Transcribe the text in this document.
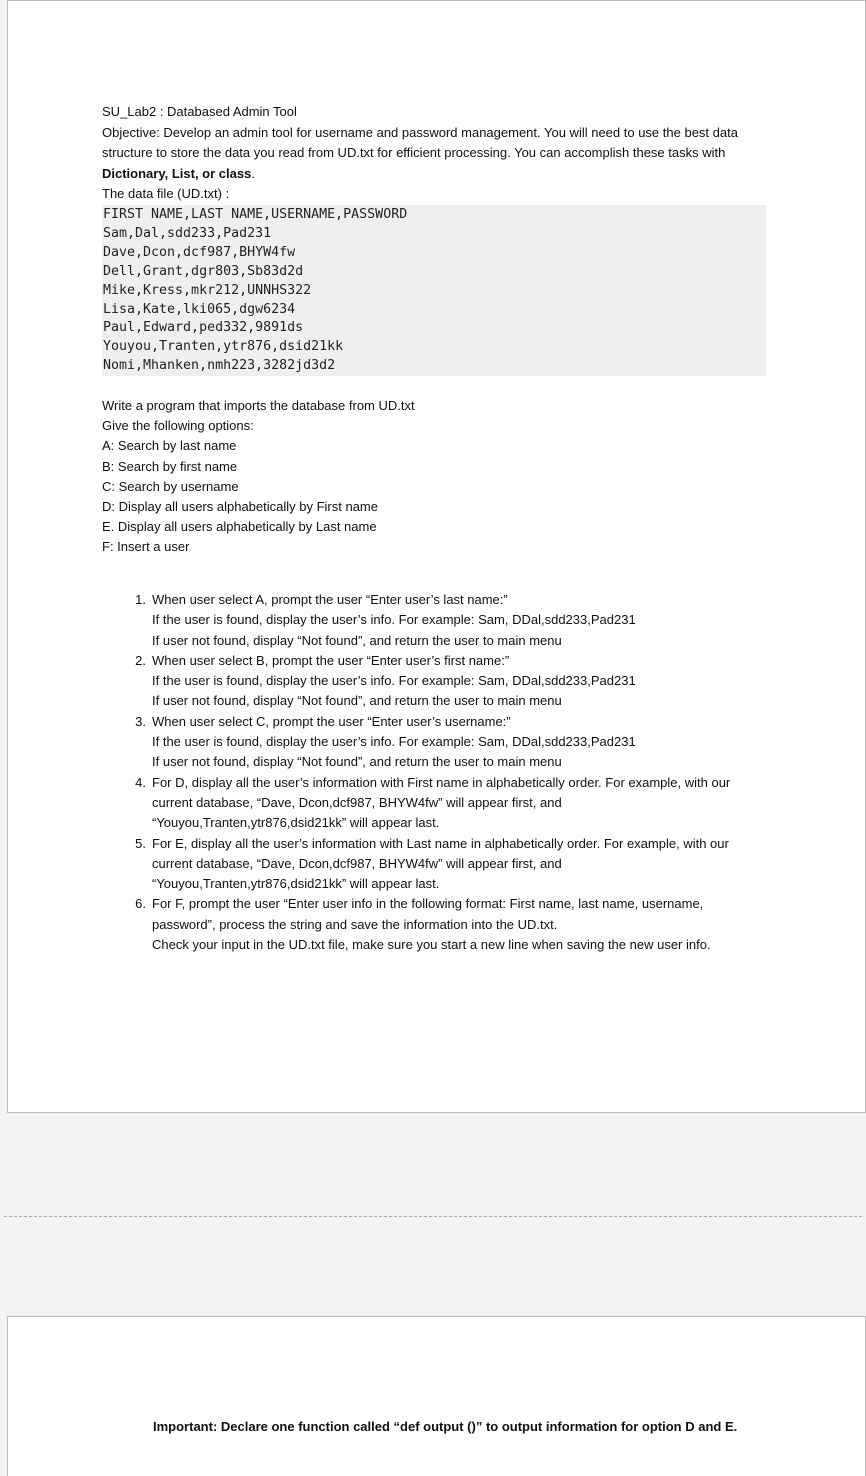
SU_Lab2 : Databased Admin Tool
Objective: Develop an admin tool for username and password management. You will need to use the best data structure to store the data you read from UD.txt for efficient processing. You can accomplish these tasks with Dictionary, List, or class.
The data file (UD.txt) :
FIRST NAME,LAST NAME,USERNAME,PASSWORD
Sam,Dal,sdd233,Pad231
Dave,Dcon,dcf987,BHYW4fw
Dell,Grant,dgr803,Sb83d2d
Mike,Kress,mkr212,UNNHS322
Lisa,Kate,lki065,dgw6234
Paul,Edward,ped332,9891ds
Youyou,Tranten,ytr876,dsid21kk
Nomi,Mhanken,nmh223,3282jd3d2
Write a program that imports the database from UD.txt
Give the following options:
A: Search by last name
B: Search by first name
C: Search by username
D: Display all users alphabetically by First name
E. Display all users alphabetically by Last name
F: Insert a user
1. When user select A, prompt the user “Enter user’s last name:”
If the user is found, display the user’s info. For example: Sam, DDal,sdd233,Pad231
If user not found, display “Not found”, and return the user to main menu
2. When user select B, prompt the user “Enter user’s first name:”
If the user is found, display the user’s info. For example: Sam, DDal,sdd233,Pad231
If user not found, display “Not found”, and return the user to main menu
3. When user select C, prompt the user “Enter user’s username:”
If the user is found, display the user’s info. For example: Sam, DDal,sdd233,Pad231
If user not found, display “Not found”, and return the user to main menu
4. For D, display all the user’s information with First name in alphabetically order. For example, with our current database, “Dave, Dcon,dcf987, BHYW4fw” will appear first, and “Youyou,Tranten,ytr876,dsid21kk” will appear last.
5. For E, display all the user’s information with Last name in alphabetically order. For example, with our current database, “Dave, Dcon,dcf987, BHYW4fw” will appear first, and “Youyou,Tranten,ytr876,dsid21kk” will appear last.
6. For F, prompt the user “Enter user info in the following format: First name, last name, username, password”, process the string and save the information into the UD.txt.
Check your input in the UD.txt file, make sure you start a new line when saving the new user info.
Important: Declare one function called “def output ()” to output information for option D and E.
